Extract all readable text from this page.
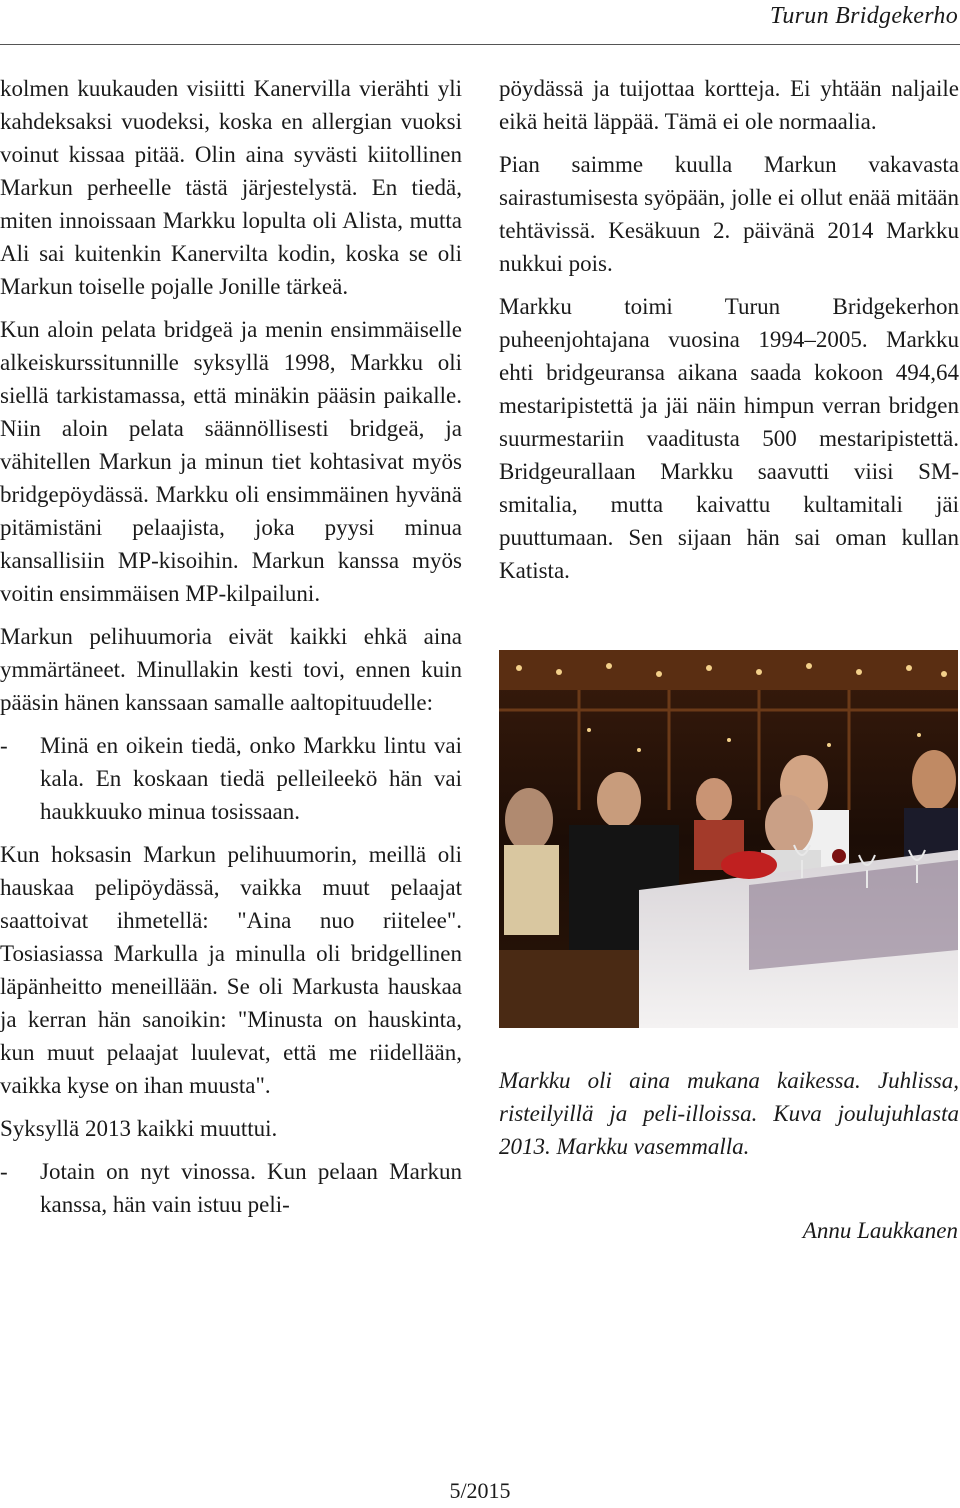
Turun Bridgekerho

kolmen kuukauden visiitti Kanervilla vierähti yli kahdeksaksi vuodeksi, koska en allergian vuoksi voinut kissaa pitää. Olin aina syvästi kiitollinen Markun perheelle tästä järjestelystä. En tiedä, miten innoissaan Markku lopulta oli Alista, mutta Ali sai kuitenkin Kanervilta kodin, koska se oli Markun toiselle pojalle Jonille tärkeä.

Kun aloin pelata bridgeä ja menin ensimmäiselle alkeiskurssitunnille syksyllä 1998, Markku oli siellä tarkistamassa, että minäkin pääsin paikalle. Niin aloin pelata säännöllisesti bridgeä, ja vähitellen Markun ja minun tiet kohtasivat myös bridgepöydässä. Markku oli ensimmäinen hyvänä pitämistäni pelaajista, joka pyysi minua kansallisiin MP-kisoihin. Markun kanssa myös voitin ensimmäisen MP-kilpailuni.

Markun pelihuumoria eivät kaikki ehkä aina ymmärtäneet. Minullakin kesti tovi, ennen kuin pääsin hänen kanssaan samalle aaltopituudelle:

- Minä en oikein tiedä, onko Markku lintu vai kala. En koskaan tiedä pelleileekö hän vai haukkuuko minua tosissaan.

Kun hoksasin Markun pelihuumorin, meillä oli hauskaa pelipöydässä, vaikka muut pelaajat saattoivat ihmetellä: "Aina nuo riitelee". Tosiasiassa Markulla ja minulla oli bridgellinen läpänheitto meneillään. Se oli Markusta hauskaa ja kerran hän sanoikin: "Minusta on hauskinta, kun muut pelaajat luulevat, että me riidellään, vaikka kyse on ihan muusta".

Syksyllä 2013 kaikki muuttui.

- Jotain on nyt vinossa. Kun pelaan Markun kanssa, hän vain istuu peli-

pöydässä ja tuijottaa kortteja. Ei yhtään naljaile eikä heitä läppää. Tämä ei ole normaalia.

Pian saimme kuulla Markun vakavasta sairastumisesta syöpään, jolle ei ollut enää mitään tehtävissä. Kesäkuun 2. päivänä 2014 Markku nukkui pois.

Markku toimi Turun Bridgekerhon puheenjohtajana vuosina 1994–2005. Markku ehti bridgeuransa aikana saada kokoon 494,64 mestaripistettä ja jäi näin himpun verran bridgen suurmestariin vaaditusta 500 mestaripistettä. Bridgeurallaan Markku saavutti viisi SM-smitalia, mutta kaivattu kultamitali jäi puuttumaan. Sen sijaan hän sai oman kullan Katista.

Markku oli aina mukana kaikessa. Juhlissa, risteilyillä ja peli-illoissa. Kuva joulujuhlasta 2013. Markku vasemmalla.
Annu Laukkanen
5/2015
